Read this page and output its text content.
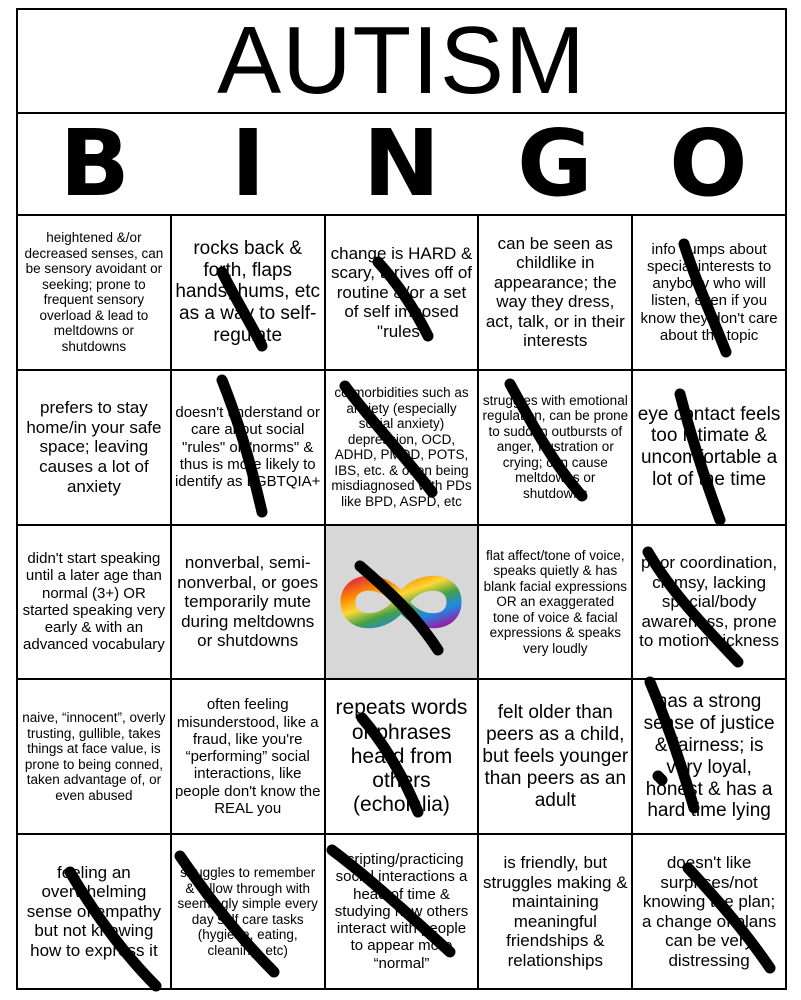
AUTISM
B	I	N G O
heightened &/or decreased senses, can be sensory avoidant or seeking; prone to frequent sensory overload & lead to meltdowns or shutdowns
rocks back & forth, flaps hands, hums, etc as a way to self-regulate
change is HARD & scary, thrives off of routine &/or a set of self imposed "rules"
can be seen as childlike in appearance; the way they dress, act, talk, or in their interests
info dumps about special interests to anybody who will listen, even if you know they don't care about the topic
prefers to stay home/in your safe space; leaving causes a lot of anxiety
doesn't understand or care about social "rules" or "norms" & thus is more likely to identify as LGBTQIA+
co-morbidities such as anxiety (especially social anxiety) depression, OCD, ADHD, PMDD, POTS, IBS, etc. & often being misdiagnosed with PDs like BPD, ASPD, etc
struggles with emotional regulation, can be prone to sudden outbursts of anger, frustration or crying; can cause meltdowns or shutdowns
eye contact feels too intimate & uncomfortable a lot of the time
didn't start speaking until a later age than normal (3+) OR started speaking very early & with an advanced vocabulary
nonverbal, semi-nonverbal, or goes temporarily mute during meltdowns or shutdowns
flat affect/tone of voice, speaks quietly & has blank facial expressions OR an exaggerated tone of voice & facial expressions & speaks very loudly
poor coordination, clumsy, lacking spacial/body awareness, prone to motion sickness
naive, “innocent”, overly trusting, gullible, takes things at face value, is prone to being conned, taken advantage of, or even abused
often feeling misunderstood, like a fraud, like you're “performing” social interactions, like people don't know the REAL you
repeats words or phrases heard from others (echolalia)
felt older than peers as a child, but feels younger than peers as an adult
has a strong sense of justice & fairness; is very loyal, honest & has a hard time lying
feeling an overwhelming sense of empathy but not knowing how to express it
struggles to remember & follow through with seemingly simple every day self care tasks (hygiene, eating, cleaning, etc)
scripting/practicing social interactions a head of time & studying how others interact with people to appear more “normal”
is friendly, but struggles making & maintaining meaningful friendships & relationships
doesn't like surprises/not knowing the plan; a change of plans can be very distressing
